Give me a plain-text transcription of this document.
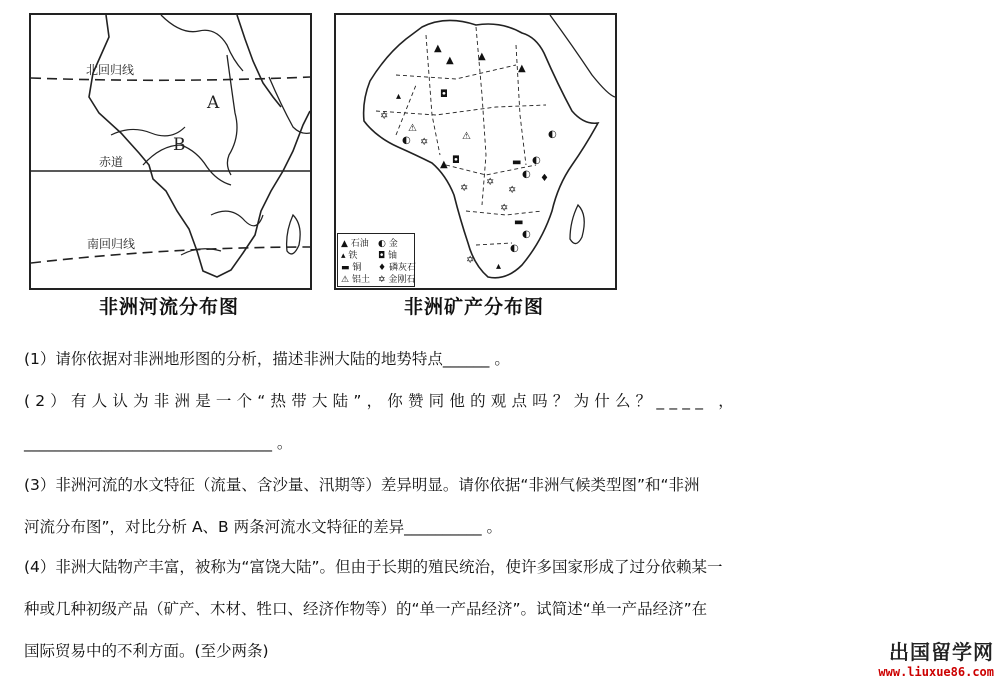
北回归线
赤道
南回归线
A
B
非洲河流分布图
▲
▲
▲
▲
▴	◘
⚠
◐	⚠	◐
◘
▲	◐
▬
◐
✡
✡	✡
✡
▬
◐
◐
✡
▴
✡
✡
♦
▲ 石油 ◐ 金
▴ 铁 ◘ 铀
▬ 铜 ♦ 磷灰石
⚠ 铝土 ✡ 金刚石
非洲矿产分布图
(1）请你依据对非洲地形图的分析，描述非洲大陆的地势特点______ 。
(2）有人认为非洲是一个“热带大陆”，你赞同他的观点吗？为什么？____ ，
________________________________ 。
(3）非洲河流的水文特征（流量、含沙量、汛期等）差异明显。请你依据“非洲气候类型图”和“非洲
河流分布图”，对比分析 A、B 两条河流水文特征的差异__________ 。
(4）非洲大陆物产丰富，被称为“富饶大陆”。但由于长期的殖民统治，使许多国家形成了过分依赖某一
种或几种初级产品（矿产、木材、牲口、经济作物等）的“单一产品经济”。试简述“单一产品经济”在
国际贸易中的不利方面。(至少两条)	出国留学网
www.liuxue86.com
